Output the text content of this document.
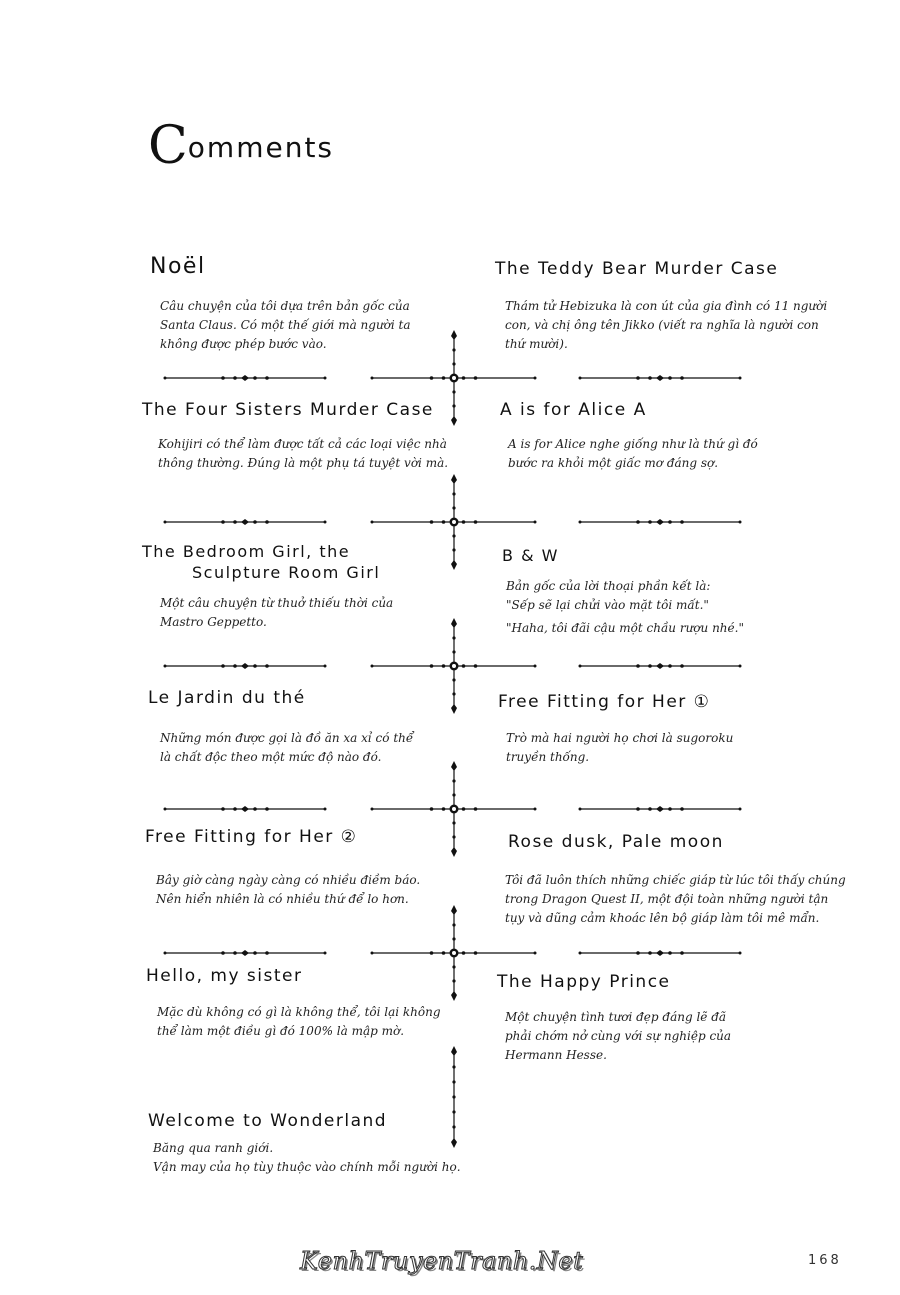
Comments
Noël
Câu chuyện của tôi dựa trên bản gốc của
Santa Claus. Có một thế giới mà người ta
không được phép bước vào.
The Teddy Bear Murder Case
Thám tử Hebizuka là con út của gia đình có 11 người
con, và chị ông tên Jikko (viết ra nghĩa là người con
thứ mười).
The Four Sisters Murder Case
Kohijiri có thể làm được tất cả các loại việc nhà
thông thường. Đúng là một phụ tá tuyệt vời mà.
A is for Alice A
A is for Alice nghe giống như là thứ gì đó
bước ra khỏi một giấc mơ đáng sợ.
The Bedroom Girl, the
Sculpture Room Girl
Một câu chuyện từ thuở thiếu thời của
Mastro Geppetto.
B & W
Bản gốc của lời thoại phần kết là:
"Sếp sẽ lại chửi vào mặt tôi mất."
"Haha, tôi đãi cậu một chầu rượu nhé."
Le Jardin du thé
Những món được gọi là đồ ăn xa xỉ có thể
là chất độc theo một mức độ nào đó.
Free Fitting for Her ①
Trò mà hai người họ chơi là sugoroku
truyền thống.
Free Fitting for Her ②
Bây giờ càng ngày càng có nhiều điềm báo.
Nên hiển nhiên là có nhiều thứ để lo hơn.
Rose dusk, Pale moon
Tôi đã luôn thích những chiếc giáp từ lúc tôi thấy chúng
trong Dragon Quest II, một đội toàn những người tận
tụy và dũng cảm khoác lên bộ giáp làm tôi mê mẩn.
Hello, my sister
Mặc dù không có gì là không thể, tôi lại không
thể làm một điều gì đó 100% là mập mờ.
The Happy Prince
Một chuyện tình tươi đẹp đáng lẽ đã
phải chớm nở cùng với sự nghiệp của
Hermann Hesse.
Welcome to Wonderland
Băng qua ranh giới.
Vận may của họ tùy thuộc vào chính mỗi người họ.
KenhTruyenTranh.Net	168
